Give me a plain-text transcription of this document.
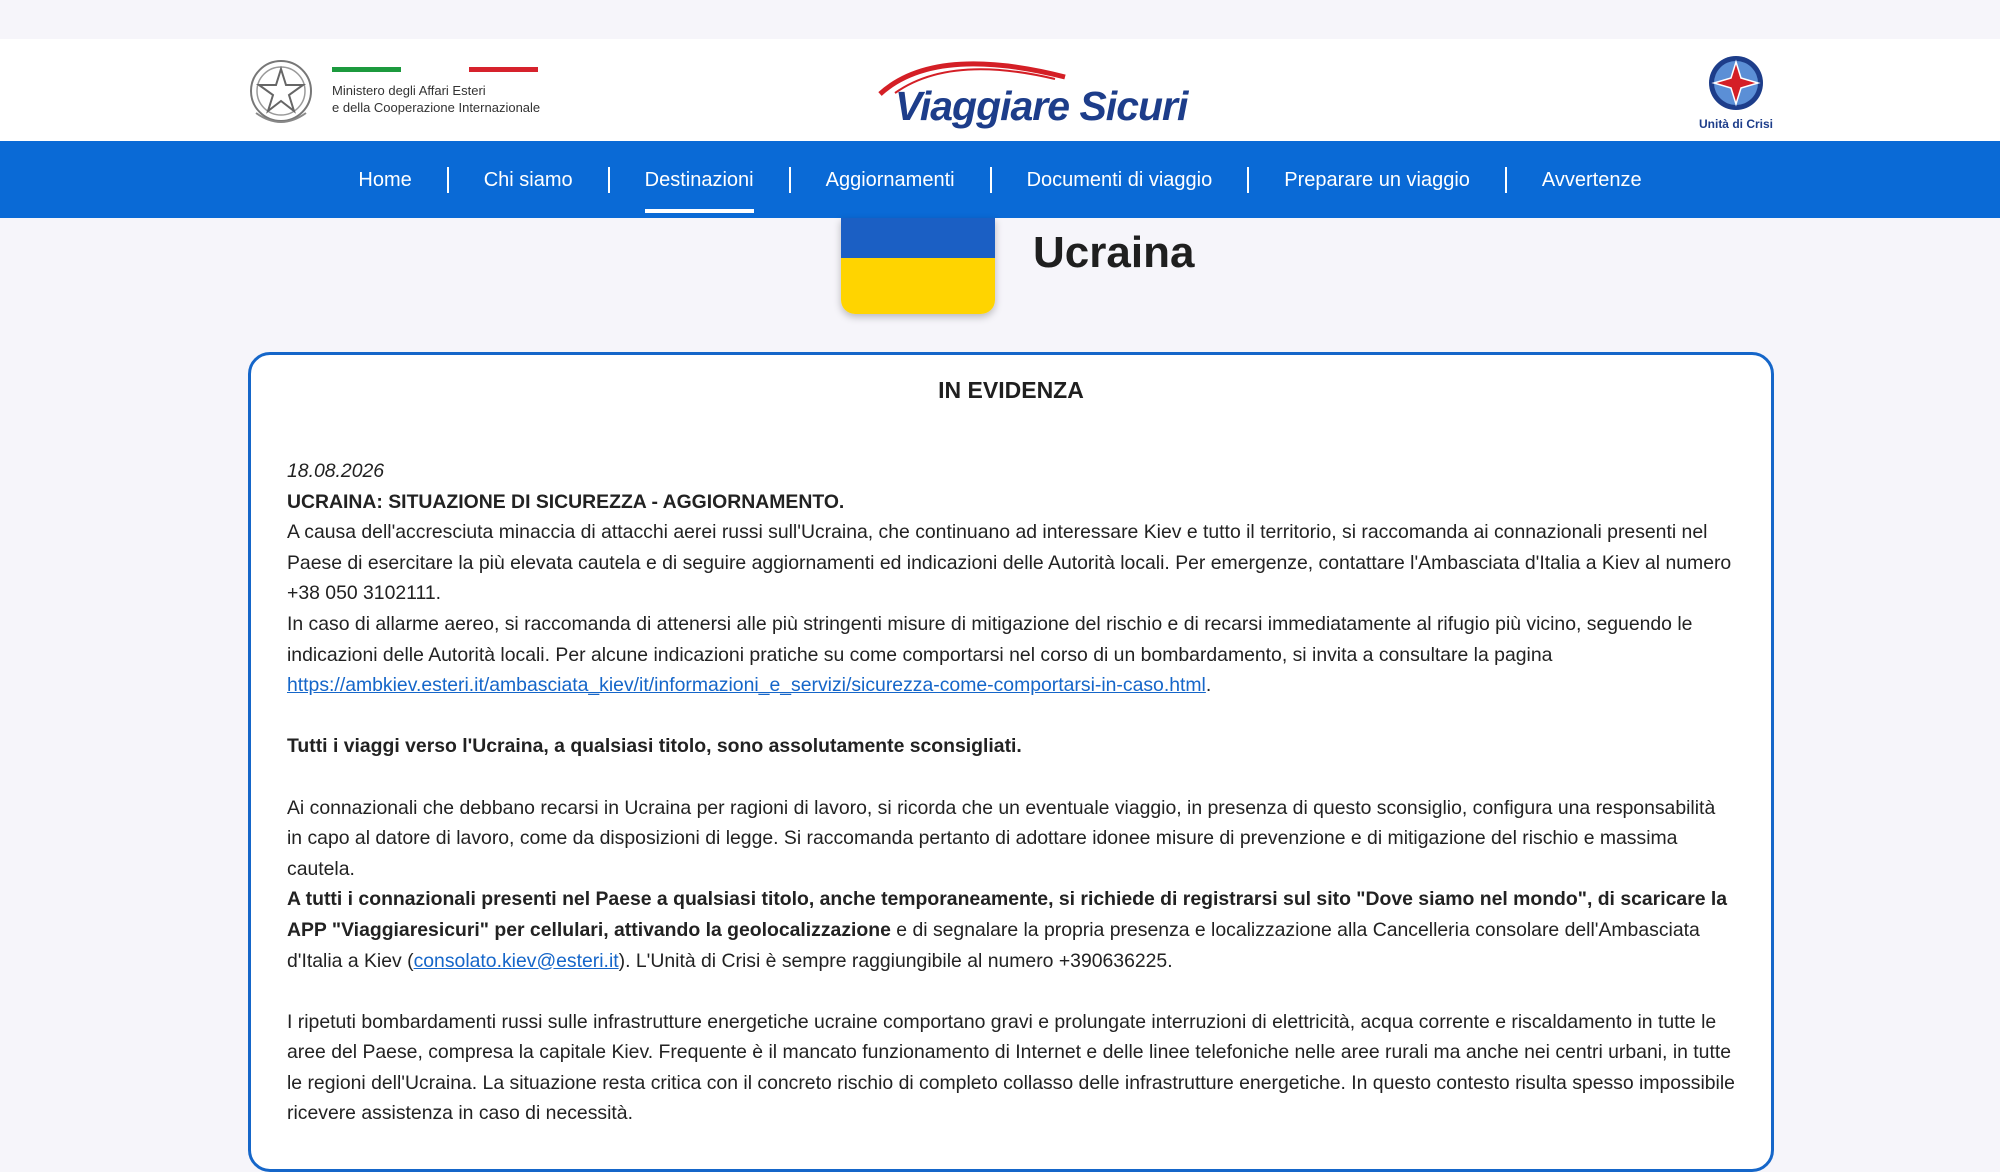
Ministero degli Affari Esteri
e della Cooperazione Internazionale	Viaggiare Sicuri	Unità di Crisi
Home	Chi siamo	Destinazioni	Aggiornamenti	Documenti di viaggio	Preparare un viaggio	Avvertenze
Ucraina
IN EVIDENZA

18.08.2026

UCRAINA: SITUAZIONE DI SICUREZZA - AGGIORNAMENTO.

A causa dell'accresciuta minaccia di attacchi aerei russi sull'Ucraina, che continuano ad interessare Kiev e tutto il territorio, si raccomanda ai connazionali presenti nel Paese di esercitare la più elevata cautela e di seguire aggiornamenti ed indicazioni delle Autorità locali. Per emergenze, contattare l'Ambasciata d'Italia a Kiev al numero +38 050 3102111.

In caso di allarme aereo, si raccomanda di attenersi alle più stringenti misure di mitigazione del rischio e di recarsi immediatamente al rifugio più vicino, seguendo le indicazioni delle Autorità locali. Per alcune indicazioni pratiche su come comportarsi nel corso di un bombardamento, si invita a consultare la pagina
https://ambkiev.esteri.it/ambasciata_kiev/it/informazioni_e_servizi/sicurezza-come-comportarsi-in-caso.html.

Tutti i viaggi verso l'Ucraina, a qualsiasi titolo, sono assolutamente sconsigliati.

Ai connazionali che debbano recarsi in Ucraina per ragioni di lavoro, si ricorda che un eventuale viaggio, in presenza di questo sconsiglio, configura una responsabilità in capo al datore di lavoro, come da disposizioni di legge. Si raccomanda pertanto di adottare idonee misure di prevenzione e di mitigazione del rischio e massima cautela.

A tutti i connazionali presenti nel Paese a qualsiasi titolo, anche temporaneamente, si richiede di registrarsi sul sito "Dove siamo nel mondo", di scaricare la APP "Viaggiaresicuri" per cellulari, attivando la geolocalizzazione e di segnalare la propria presenza e localizzazione alla Cancelleria consolare dell'Ambasciata d'Italia a Kiev (consolato.kiev@esteri.it). L'Unità di Crisi è sempre raggiungibile al numero +390636225.

I ripetuti bombardamenti russi sulle infrastrutture energetiche ucraine comportano gravi e prolungate interruzioni di elettricità, acqua corrente e riscaldamento in tutte le aree del Paese, compresa la capitale Kiev. Frequente è il mancato funzionamento di Internet e delle linee telefoniche nelle aree rurali ma anche nei centri urbani, in tutte le regioni dell'Ucraina. La situazione resta critica con il concreto rischio di completo collasso delle infrastrutture energetiche. In questo contesto risulta spesso impossibile ricevere assistenza in caso di necessità.
